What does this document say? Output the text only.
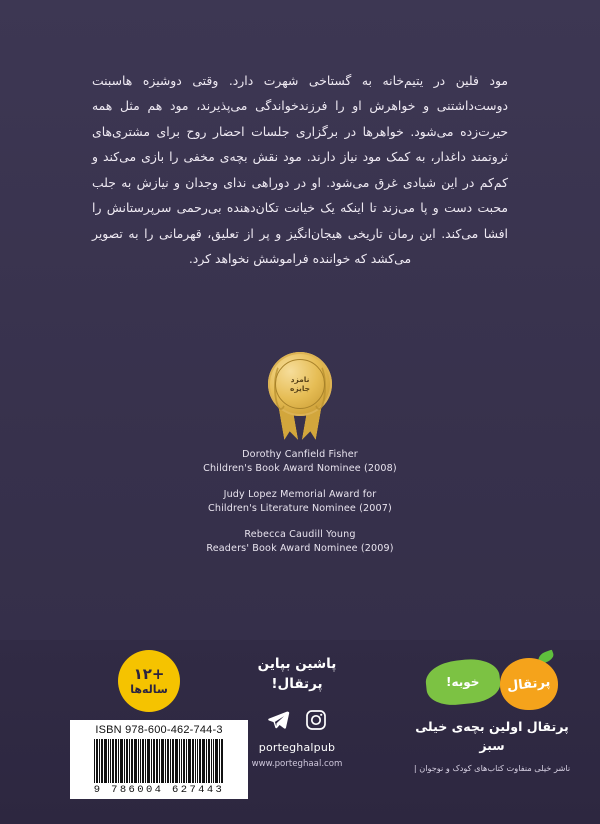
مود فلین در یتیم‌خانه به گستاخی شهرت دارد. وقتی دوشیزه هاسبنت دوست‌داشتنی و خواهرش او را فرزندخواندگی می‌پذیرند، مود هم مثل همه حیرت‌زده می‌شود. خواهرها در برگزاری جلسات احضار روح برای مشتری‌های ثروتمند داغدار، به کمک مود نیاز دارند. مود نقش بچه‌ی مخفی را بازی می‌کند و کم‌کم در این شیادی غرق می‌شود. او در دوراهی ندای وجدان و نیازش به جلب محبت دست و پا می‌زند تا اینکه یک خیانت تکان‌دهنده بی‌رحمی سرپرستانش را افشا می‌کند. این رمان تاریخی هیجان‌انگیز و پر از تعلیق، قهرمانی را به تصویر می‌کشد که خواننده فراموشش نخواهد کرد.
نامزد
جایزه
Dorothy Canfield Fisher
Children's Book Award Nominee (2008)
Judy Lopez Memorial Award for
Children's Literature Nominee (2007)
Rebecca Caudill Young
Readers' Book Award Nominee (2009)
+۱۲
ساله‌ها
ISBN 978-600-462-744-3
9 786004 627443
پاشین بپاین
پرتقال!
porteghalpub
www.porteghaal.com
خوبه! پرتقال
پرتقال اولین بچه‌ی خیلی سبز
ناشر خیلی منفاوت کتاب‌های کودک و نوجوان |
